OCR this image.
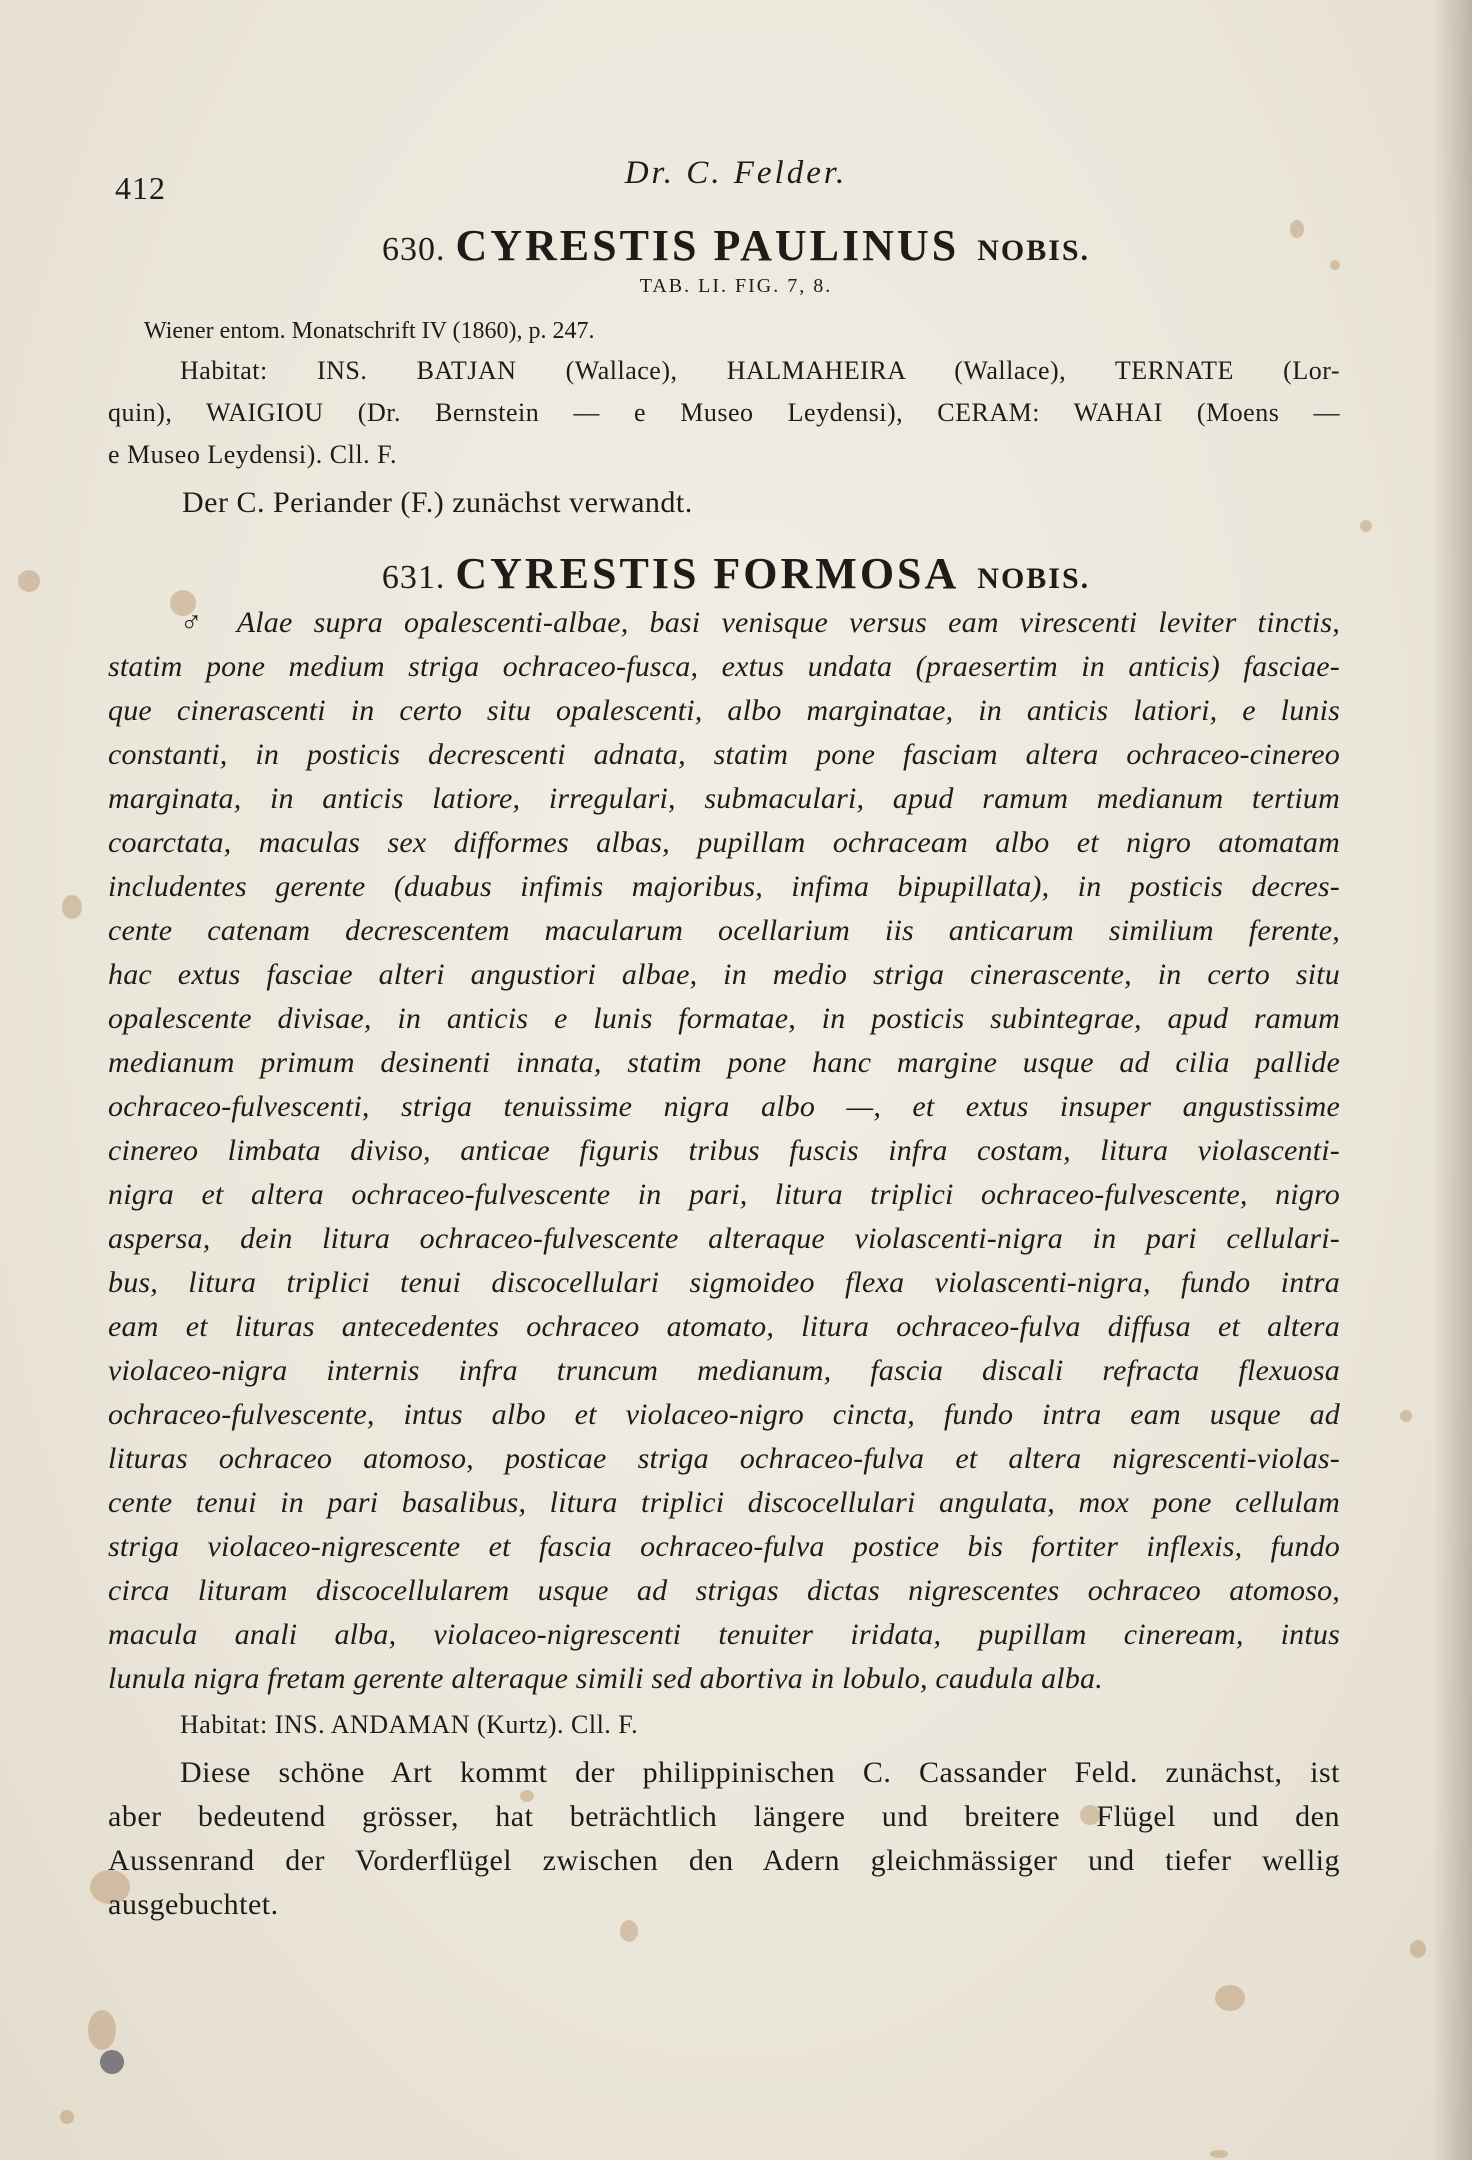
412	Dr. C. Felder.
630. CYRESTIS PAULINUS NOBIS.
TAB. LI. FIG. 7, 8.
Wiener entom. Monatschrift IV (1860), p. 247.
Habitat: INS. BATJAN (Wallace), HALMAHEIRA (Wallace), TERNATE (Lor-
quin), WAIGIOU (Dr. Bernstein — e Museo Leydensi), CERAM: WAHAI (Moens —
e Museo Leydensi). Cll. F.
Der C. Periander (F.) zunächst verwandt.
631. CYRESTIS FORMOSA NOBIS.
♂ Alae supra opalescenti-albae, basi venisque versus eam virescenti leviter tinctis,
statim pone medium striga ochraceo-fusca, extus undata (praesertim in anticis) fasciae-
que cinerascenti in certo situ opalescenti, albo marginatae, in anticis latiori, e lunis
constanti, in posticis decrescenti adnata, statim pone fasciam altera ochraceo-cinereo
marginata, in anticis latiore, irregulari, submaculari, apud ramum medianum tertium
coarctata, maculas sex difformes albas, pupillam ochraceam albo et nigro atomatam
includentes gerente (duabus infimis majoribus, infima bipupillata), in posticis decres-
cente catenam decrescentem macularum ocellarium iis anticarum similium ferente,
hac extus fasciae alteri angustiori albae, in medio striga cinerascente, in certo situ
opalescente divisae, in anticis e lunis formatae, in posticis subintegrae, apud ramum
medianum primum desinenti innata, statim pone hanc margine usque ad cilia pallide
ochraceo-fulvescenti, striga tenuissime nigra albo —, et extus insuper angustissime
cinereo limbata diviso, anticae figuris tribus fuscis infra costam, litura violascenti-
nigra et altera ochraceo-fulvescente in pari, litura triplici ochraceo-fulvescente, nigro
aspersa, dein litura ochraceo-fulvescente alteraque violascenti-nigra in pari cellulari-
bus, litura triplici tenui discocellulari sigmoideo flexa violascenti-nigra, fundo intra
eam et lituras antecedentes ochraceo atomato, litura ochraceo-fulva diffusa et altera
violaceo-nigra internis infra truncum medianum, fascia discali refracta flexuosa
ochraceo-fulvescente, intus albo et violaceo-nigro cincta, fundo intra eam usque ad
lituras ochraceo atomoso, posticae striga ochraceo-fulva et altera nigrescenti-violas-
cente tenui in pari basalibus, litura triplici discocellulari angulata, mox pone cellulam
striga violaceo-nigrescente et fascia ochraceo-fulva postice bis fortiter inflexis, fundo
circa lituram discocellularem usque ad strigas dictas nigrescentes ochraceo atomoso,
macula anali alba, violaceo-nigrescenti tenuiter iridata, pupillam cineream, intus
lunula nigra fretam gerente alteraque simili sed abortiva in lobulo, caudula alba.
Habitat: INS. ANDAMAN (Kurtz). Cll. F.
Diese schöne Art kommt der philippinischen C. Cassander Feld. zunächst, ist
aber bedeutend grösser, hat beträchtlich längere und breitere Flügel und den
Aussenrand der Vorderflügel zwischen den Adern gleichmässiger und tiefer wellig
ausgebuchtet.
